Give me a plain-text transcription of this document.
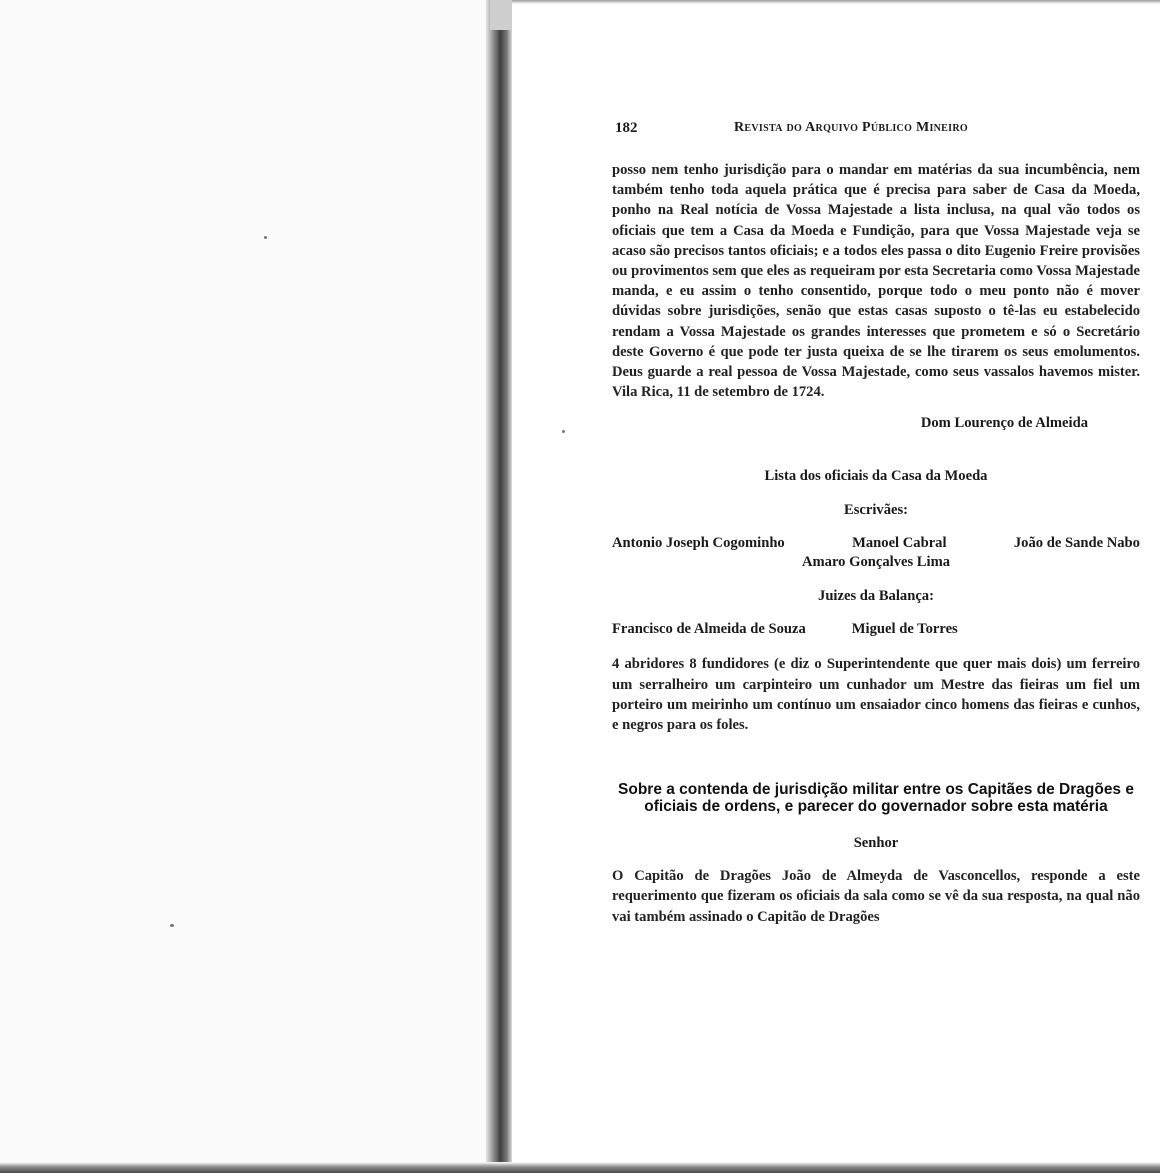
182	Revista do Arquivo Público Mineiro

posso nem tenho jurisdição para o mandar em matérias da sua incumbência, nem também tenho toda aquela prática que é precisa para saber de Casa da Moeda, ponho na Real notícia de Vossa Majestade a lista inclusa, na qual vão todos os oficiais que tem a Casa da Moeda e Fundição, para que Vossa Majestade veja se acaso são precisos tantos oficiais; e a todos eles passa o dito Eugenio Freire provisões ou provimentos sem que eles as requeiram por esta Secretaria como Vossa Majestade manda, e eu assim o tenho consentido, porque todo o meu ponto não é mover dúvidas sobre jurisdições, senão que estas casas suposto o tê-las eu estabelecido rendam a Vossa Majestade os grandes interesses que prometem e só o Secretário deste Governo é que pode ter justa queixa de se lhe tirarem os seus emolumentos. Deus guarde a real pessoa de Vossa Majestade, como seus vassalos havemos mister. Vila Rica, 11 de setembro de 1724.

Dom Lourenço de Almeida
Lista dos oficiais da Casa da Moeda
Escrivães:
Antonio Joseph Cogominho	Manoel Cabral	João de Sande Nabo
Amaro Gonçalves Lima
Juizes da Balança:
Francisco de Almeida de Souza	Miguel de Torres

4 abridores 8 fundidores (e diz o Superintendente que quer mais dois) um ferreiro um serralheiro um carpinteiro um cunhador um Mestre das fieiras um fiel um porteiro um meirinho um contínuo um ensaiador cinco homens das fieiras e cunhos, e negros para os foles.

Sobre a contenda de jurisdição militar entre os Capitães de Dragões e oficiais de ordens, e parecer do governador sobre esta matéria
Senhor

O Capitão de Dragões João de Almeyda de Vasconcellos, responde a este requerimento que fizeram os oficiais da sala como se vê da sua resposta, na qual não vai também assinado o Capitão de Dragões
